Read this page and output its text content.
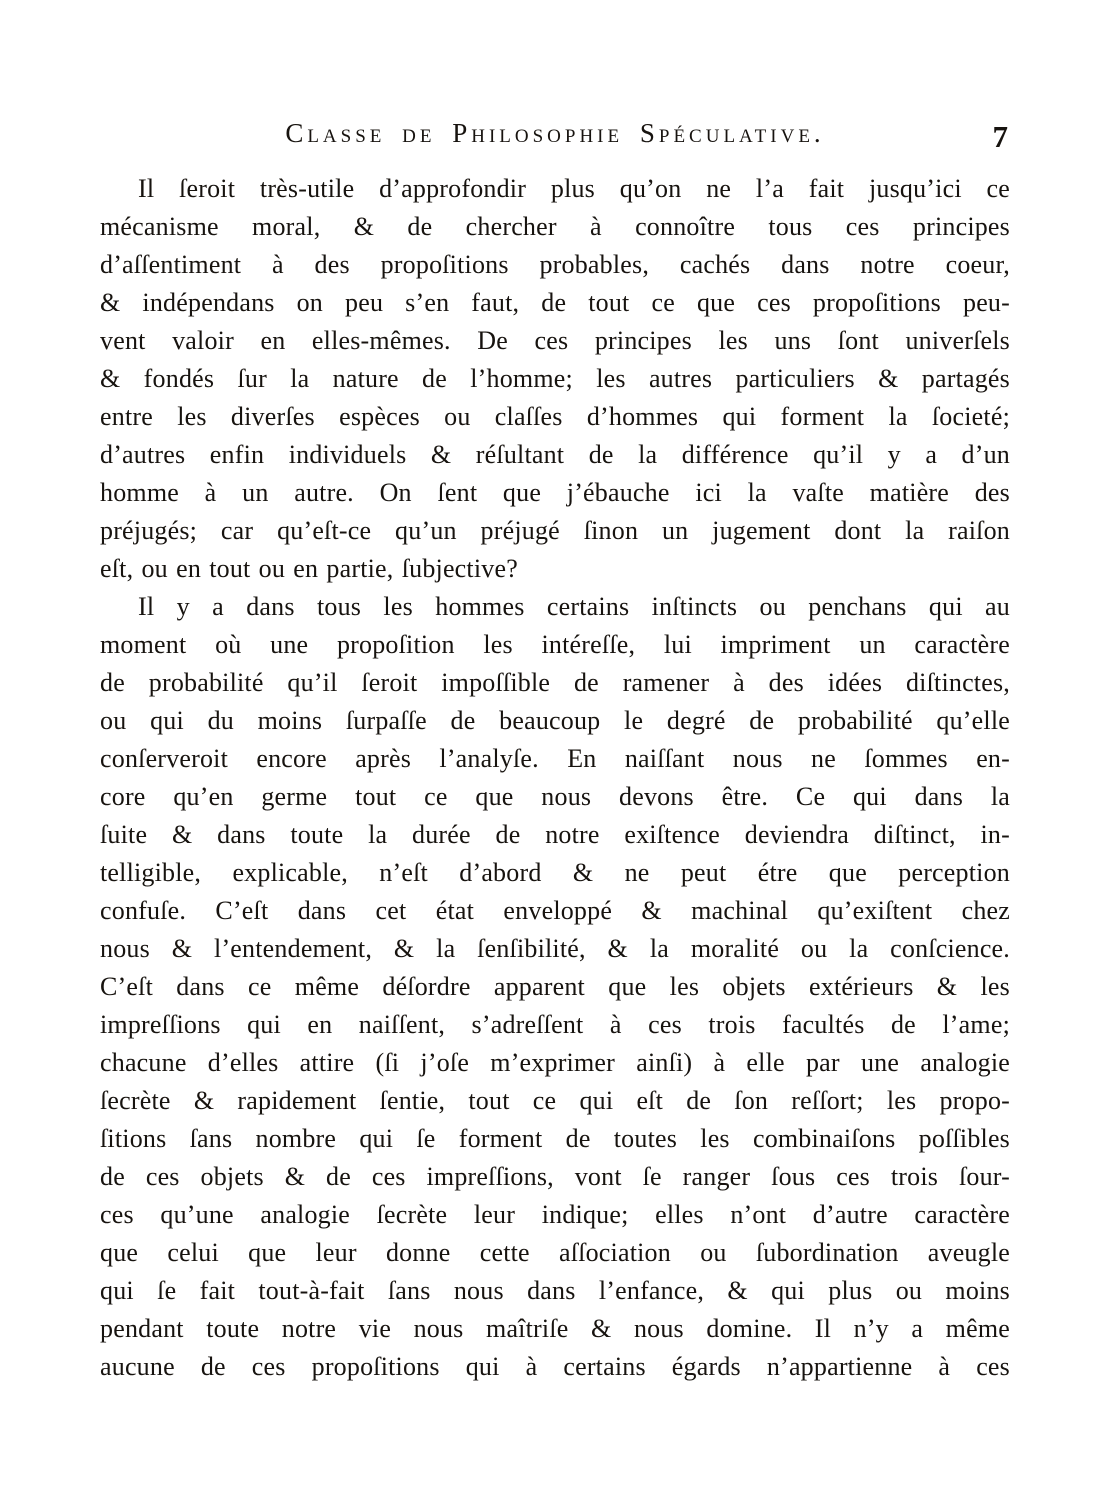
Classe de Philosophie Spéculative.	7
Il ſeroit très-utile d’approfondir plus qu’on ne l’a fait jusqu’ici ce
mécanisme moral, & de chercher à connoître tous ces principes
d’aſſentiment à des propoſitions probables, cachés dans notre coeur,
& indépendans on peu s’en faut, de tout ce que ces propoſitions peu-
vent valoir en elles-mêmes. De ces principes les uns ſont univerſels
& fondés ſur la nature de l’homme; les autres particuliers & partagés
entre les diverſes espèces ou claſſes d’hommes qui forment la ſocieté;
d’autres enfin individuels & réſultant de la différence qu’il y a d’un
homme à un autre. On ſent que j’ébauche ici la vaſte matière des
préjugés; car qu’eſt-ce qu’un préjugé ſinon un jugement dont la raiſon
eſt, ou en tout ou en partie, ſubjective?
Il y a dans tous les hommes certains inſtincts ou penchans qui au
moment où une propoſition les intéreſſe, lui impriment un caractère
de probabilité qu’il ſeroit impoſſible de ramener à des idées diſtinctes,
ou qui du moins ſurpaſſe de beaucoup le degré de probabilité qu’elle
conſerveroit encore après l’analyſe. En naiſſant nous ne ſommes en-
core qu’en germe tout ce que nous devons être. Ce qui dans la
ſuite & dans toute la durée de notre exiſtence deviendra diſtinct, in-
telligible, explicable, n’eſt d’abord & ne peut étre que perception
confuſe. C’eſt dans cet état enveloppé & machinal qu’exiſtent chez
nous & l’entendement, & la ſenſibilité, & la moralité ou la conſcience.
C’eſt dans ce même déſordre apparent que les objets extérieurs & les
impreſſions qui en naiſſent, s’adreſſent à ces trois facultés de l’ame;
chacune d’elles attire (ſi j’oſe m’exprimer ainſi) à elle par une analogie
ſecrète & rapidement ſentie, tout ce qui eſt de ſon reſſort; les propo-
ſitions ſans nombre qui ſe forment de toutes les combinaiſons poſſibles
de ces objets & de ces impreſſions, vont ſe ranger ſous ces trois ſour-
ces qu’une analogie ſecrète leur indique; elles n’ont d’autre caractère
que celui que leur donne cette aſſociation ou ſubordination aveugle
qui ſe fait tout-à-fait ſans nous dans l’enfance, & qui plus ou moins
pendant toute notre vie nous maîtriſe & nous domine. Il n’y a même
aucune de ces propoſitions qui à certains égards n’appartienne à ces
